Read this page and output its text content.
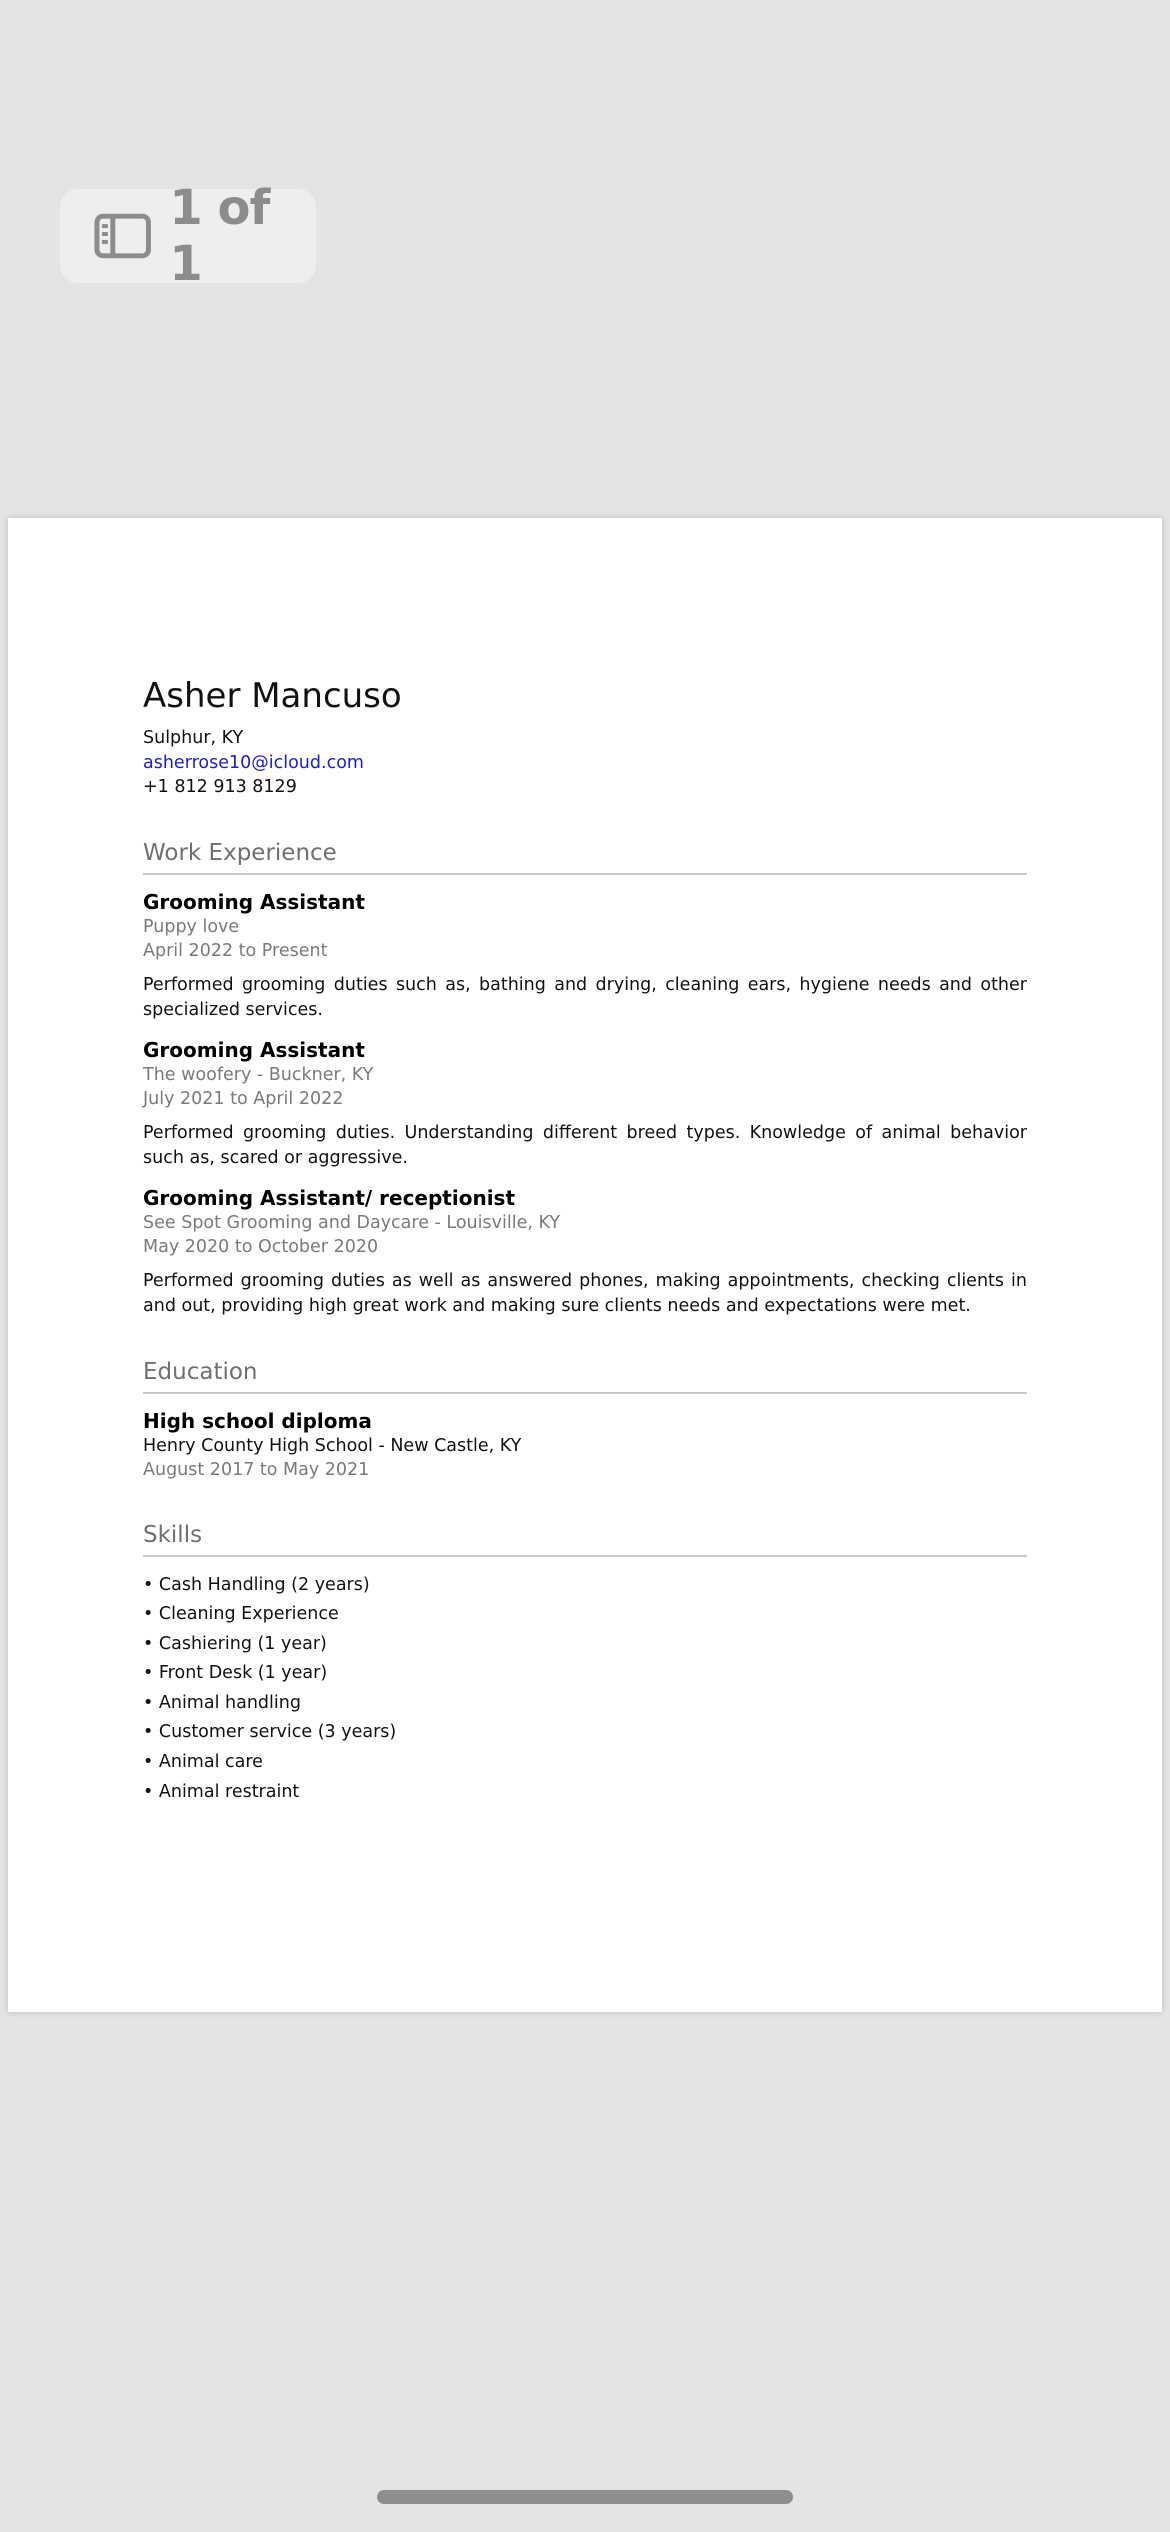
1 of 1
Asher Mancuso
Sulphur, KY
asherrose10@icloud.com
+1 812 913 8129
Work Experience
Grooming Assistant
Puppy love
April 2022 to Present
Performed grooming duties such as, bathing and drying, cleaning ears, hygiene needs and other specialized services.
Grooming Assistant
The woofery - Buckner, KY
July 2021 to April 2022
Performed grooming duties. Understanding different breed types. Knowledge of animal behavior such as, scared or aggressive.
Grooming Assistant/ receptionist
See Spot Grooming and Daycare - Louisville, KY
May 2020 to October 2020
Performed grooming duties as well as answered phones, making appointments, checking clients in and out, providing high great work and making sure clients needs and expectations were met.
Education
High school diploma
Henry County High School - New Castle, KY
August 2017 to May 2021
Skills
• Cash Handling (2 years)
• Cleaning Experience
• Cashiering (1 year)
• Front Desk (1 year)
• Animal handling
• Customer service (3 years)
• Animal care
• Animal restraint
